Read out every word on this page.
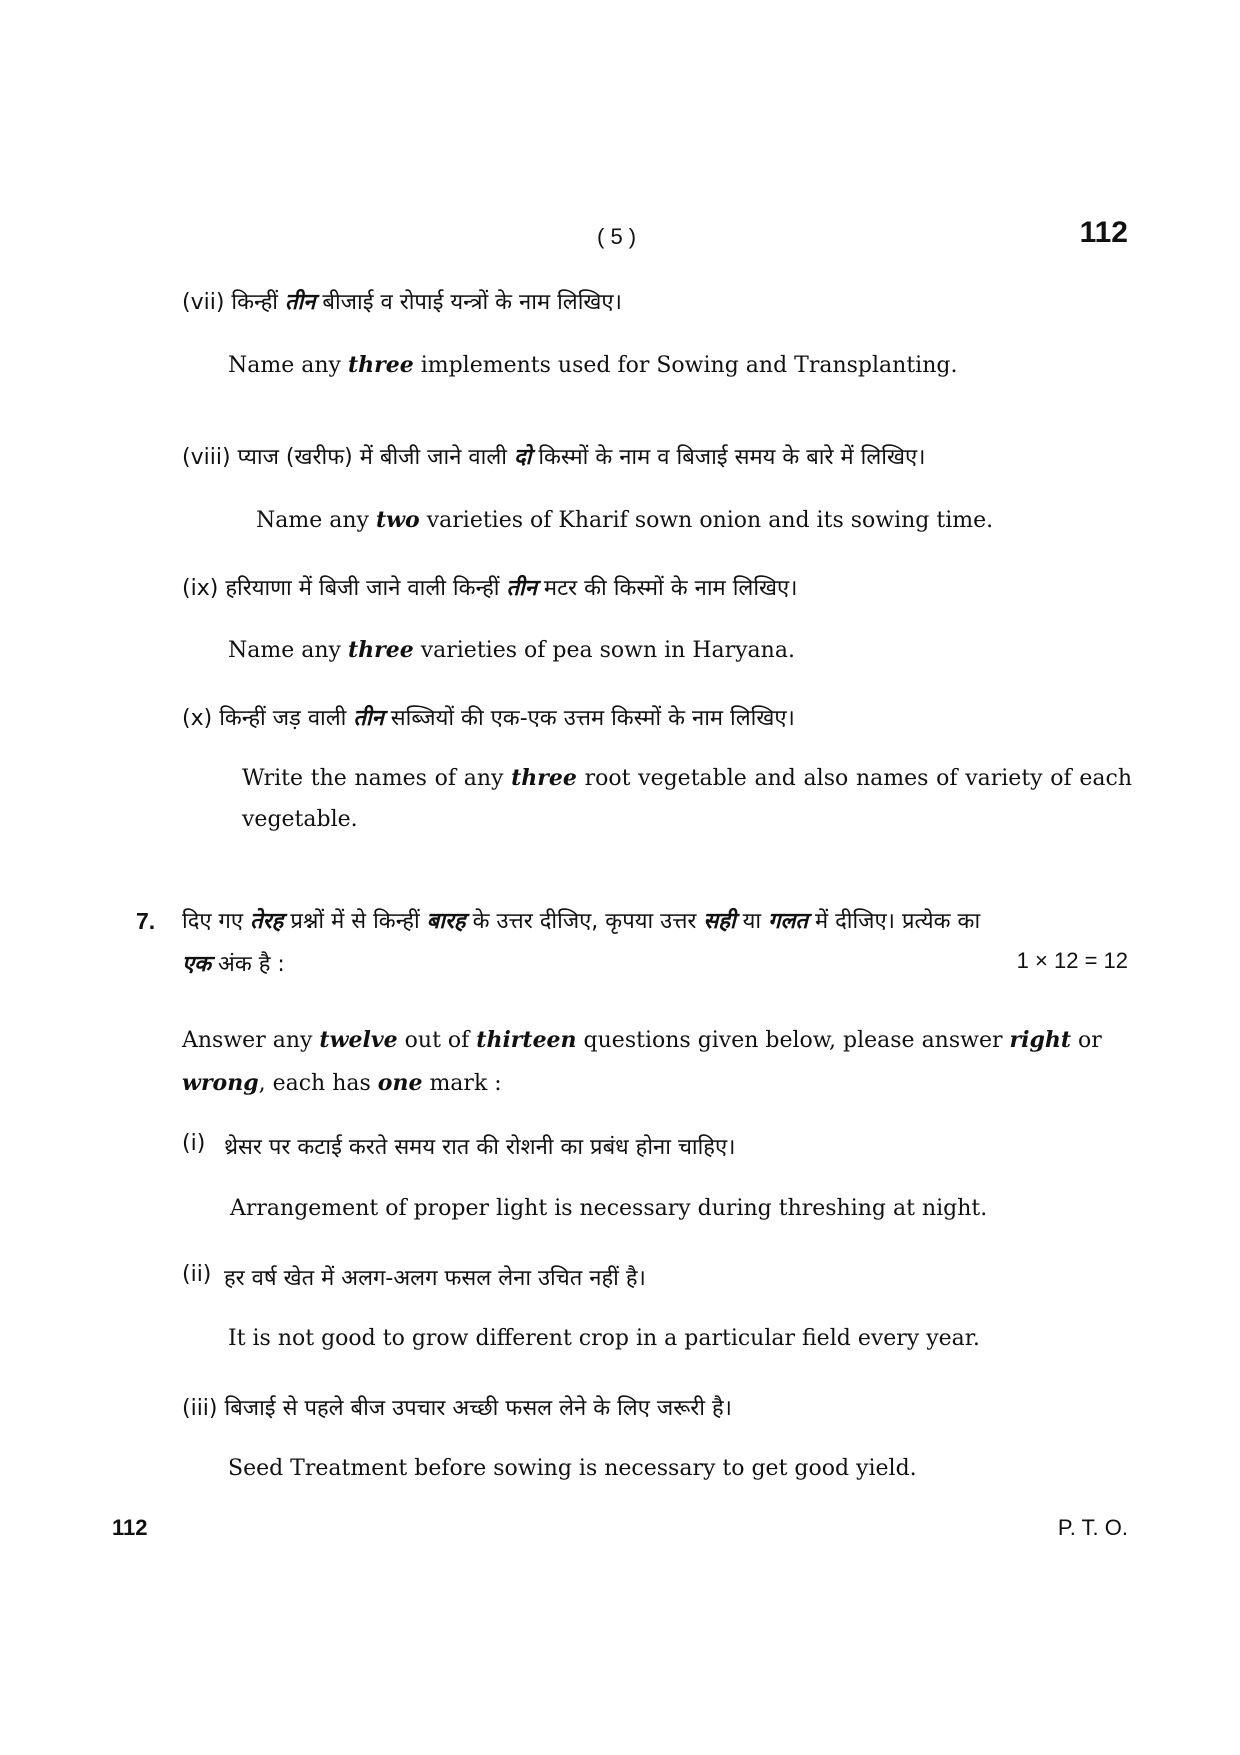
( 5 )	112
(vii) किन्हीं तीन बीजाई व रोपाई यन्त्रों के नाम लिखिए।
Name any three implements used for Sowing and Transplanting.
(viii) प्याज (खरीफ) में बीजी जाने वाली दो किस्मों के नाम व बिजाई समय के बारे में लिखिए।
Name any two varieties of Kharif sown onion and its sowing time.
(ix) हरियाणा में बिजी जाने वाली किन्हीं तीन मटर की किस्मों के नाम लिखिए।
Name any three varieties of pea sown in Haryana.
(x) किन्हीं जड़ वाली तीन सब्जियों की एक-एक उत्तम किस्मों के नाम लिखिए।
Write the names of any three root vegetable and also names of variety of each vegetable.
7. दिए गए तेरह प्रश्नों में से किन्हीं बारह के उत्तर दीजिए, कृपया उत्तर सही या गलत में दीजिए। प्रत्येक का
एक अंक है :	1 × 12 = 12
Answer any twelve out of thirteen questions given below, please answer right or wrong, each has one mark :
(i) थ्रेसर पर कटाई करते समय रात की रोशनी का प्रबंध होना चाहिए।
Arrangement of proper light is necessary during threshing at night.
(ii) हर वर्ष खेत में अलग-अलग फसल लेना उचित नहीं है।
It is not good to grow different crop in a particular field every year.
(iii) बिजाई से पहले बीज उपचार अच्छी फसल लेने के लिए जरूरी है।
Seed Treatment before sowing is necessary to get good yield.
112	P. T. O.
